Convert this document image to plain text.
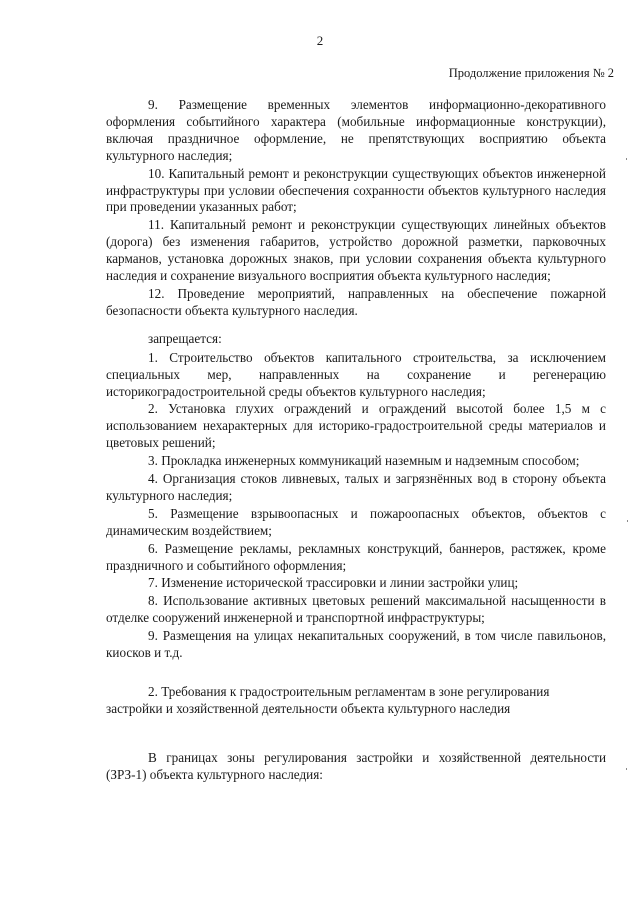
2
Продолжение приложения № 2

9. Размещение временных элементов информационно-декоративного оформления событийного характера (мобильные информационные конструкции), включая праздничное оформление, не препятствующих восприятию объекта культурного наследия;

10. Капитальный ремонт и реконструкции существующих объектов инженерной инфраструктуры при условии обеспечения сохранности объектов культурного наследия при проведении указанных работ;

11. Капитальный ремонт и реконструкции существующих линейных объектов (дорога) без изменения габаритов, устройство дорожной разметки, парковочных карманов, установка дорожных знаков, при условии сохранения объекта культурного наследия и сохранение визуального восприятия объекта культурного наследия;

12. Проведение мероприятий, направленных на обеспечение пожарной безопасности объекта культурного наследия.

запрещается:

1. Строительство объектов капитального строительства, за исключением специальных мер, направленных на сохранение и регенерацию историкоградостроительной среды объектов культурного наследия;

2. Установка глухих ограждений и ограждений высотой более 1,5 м с использованием нехарактерных для историко-градостроительной среды материалов и цветовых решений;

3. Прокладка инженерных коммуникаций наземным и надземным способом;

4. Организация стоков ливневых, талых и загрязнённых вод в сторону объекта культурного наследия;

5. Размещение взрывоопасных и пожароопасных объектов, объектов с динамическим воздействием;

6. Размещение рекламы, рекламных конструкций, баннеров, растяжек, кроме праздничного и событийного оформления;

7. Изменение исторической трассировки и линии застройки улиц;

8. Использование активных цветовых решений максимальной насыщенности в отделке сооружений инженерной и транспортной инфраструктуры;

9. Размещения на улицах некапитальных сооружений, в том числе павильонов, киосков и т.д.

2. Требования к градостроительным регламентам в зоне регулирования застройки и хозяйственной деятельности объекта культурного наследия

В границах зоны регулирования застройки и хозяйственной деятельности (ЗРЗ-1) объекта культурного наследия:
